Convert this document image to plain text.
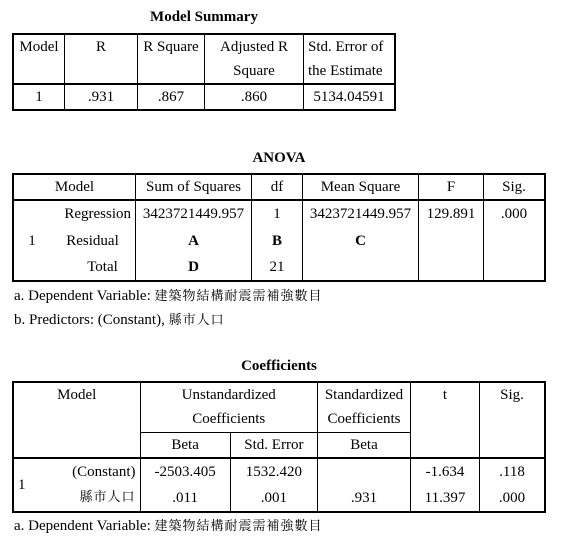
Model Summary
Model	R	R Square	Adjusted R	Std. Error of
			Square	the Estimate
1	.931	.867	.860	5134.04591
ANOVA
Model		Sum of Squares	df	Mean Square	F	Sig.
1	Regression	3423721449.957	1	3423721449.957	129.891	.000
	Residual	A	B	C		
	Total	D	21			
a. Dependent Variable: 建築物結構耐震需補強數目
b. Predictors: (Constant), 縣市人口
Coefficients
Model		Unstandardized		Standardized	t	Sig.
		Coefficients		Coefficients		
		Beta	Std. Error	Beta		
1	(Constant)	-2503.405	1532.420		-1.634	.118
	縣市人口	.011	.001	.931	11.397	.000
a. Dependent Variable: 建築物結構耐震需補強數目
